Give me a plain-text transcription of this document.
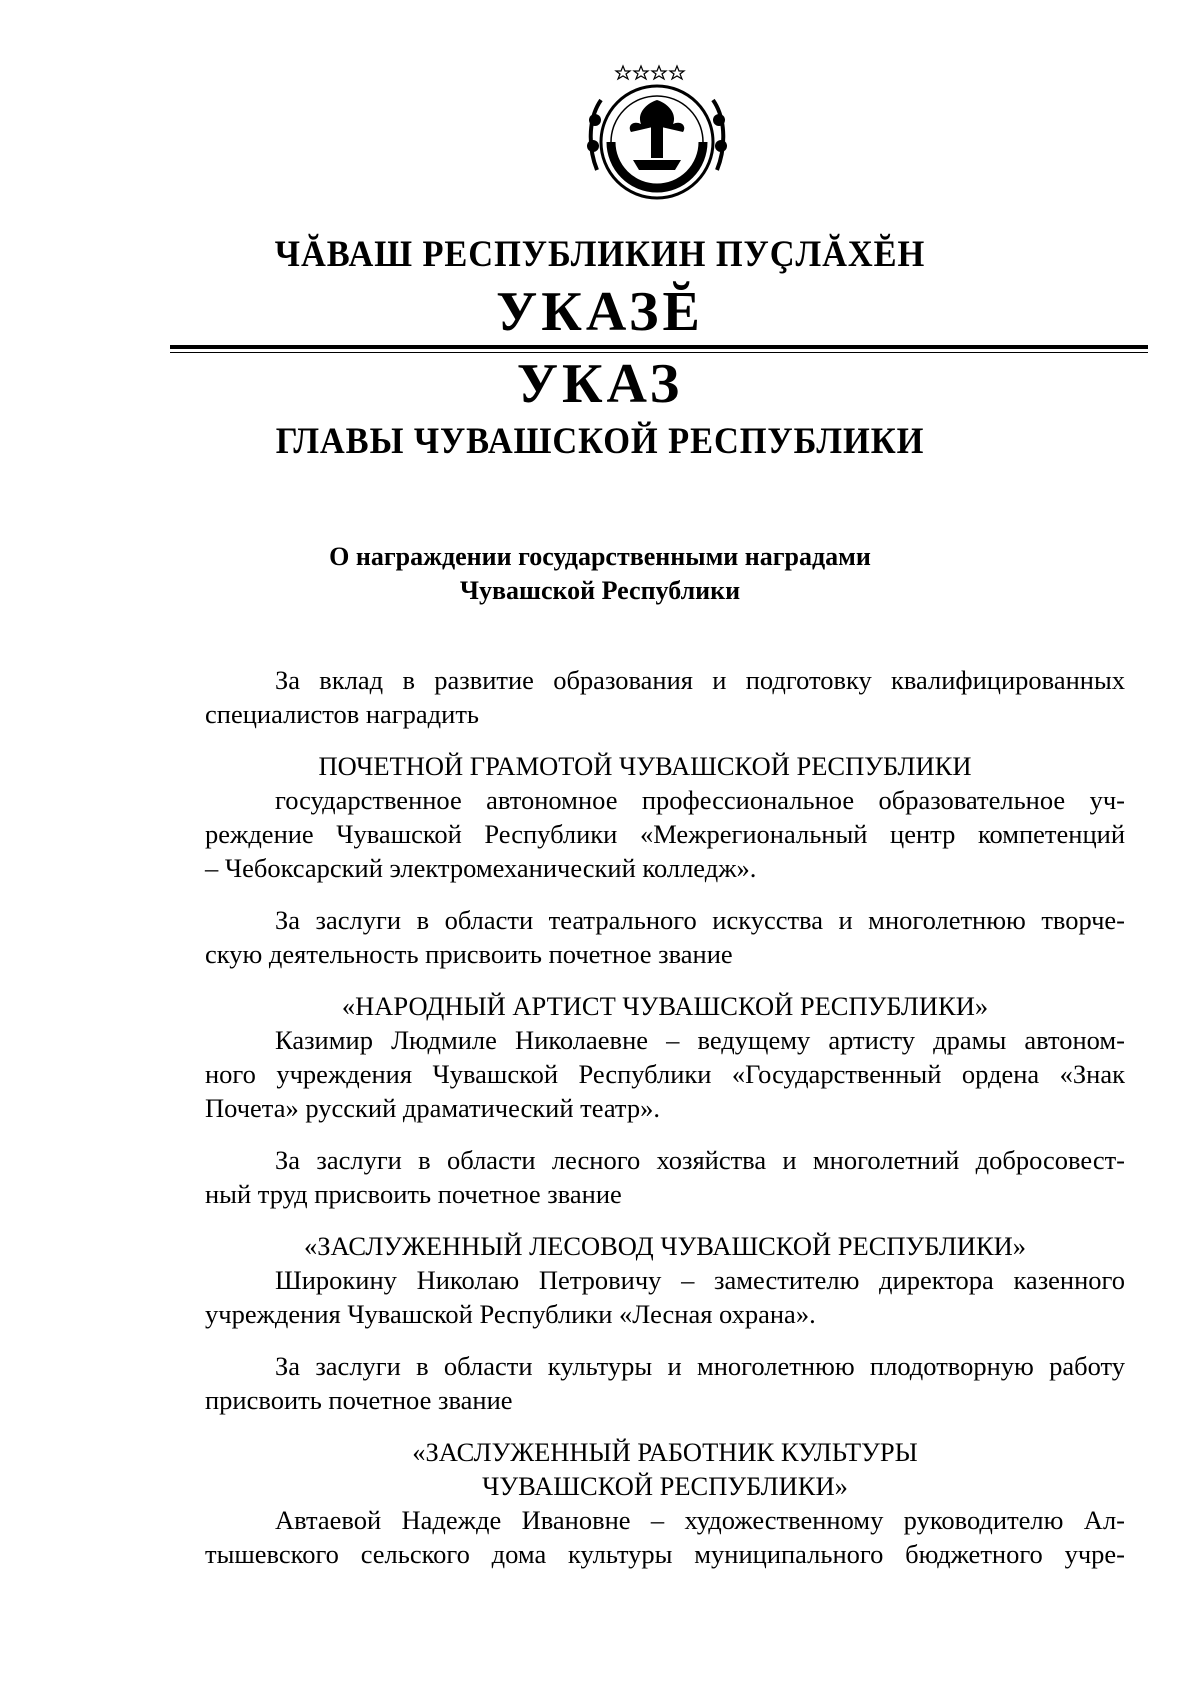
ЧĂВАШ РЕСПУБЛИКИН ПУÇЛĂХĔН
УКАЗĔ
УКАЗ
ГЛАВЫ ЧУВАШСКОЙ РЕСПУБЛИКИ
О награждении государственными наградами
Чувашской Республики
За вклад в развитие образования и подготовку квалифицированных
специалистов наградить
ПОЧЕТНОЙ ГРАМОТОЙ ЧУВАШСКОЙ РЕСПУБЛИКИ
государственное автономное профессиональное образовательное уч-
реждение Чувашской Республики «Межрегиональный центр компетенций
– Чебоксарский электромеханический колледж».
За заслуги в области театрального искусства и многолетнюю творче-
скую деятельность присвоить почетное звание
«НАРОДНЫЙ АРТИСТ ЧУВАШСКОЙ РЕСПУБЛИКИ»
Казимир Людмиле Николаевне – ведущему артисту драмы автоном-
ного учреждения Чувашской Республики «Государственный ордена «Знак
Почета» русский драматический театр».
За заслуги в области лесного хозяйства и многолетний добросовест-
ный труд присвоить почетное звание
«ЗАСЛУЖЕННЫЙ ЛЕСОВОД ЧУВАШСКОЙ РЕСПУБЛИКИ»
Широкину Николаю Петровичу – заместителю директора казенного
учреждения Чувашской Республики «Лесная охрана».
За заслуги в области культуры и многолетнюю плодотворную работу
присвоить почетное звание
«ЗАСЛУЖЕННЫЙ РАБОТНИК КУЛЬТУРЫ
ЧУВАШСКОЙ РЕСПУБЛИКИ»
Автаевой Надежде Ивановне – художественному руководителю Ал-
тышевского сельского дома культуры муниципального бюджетного учре-
